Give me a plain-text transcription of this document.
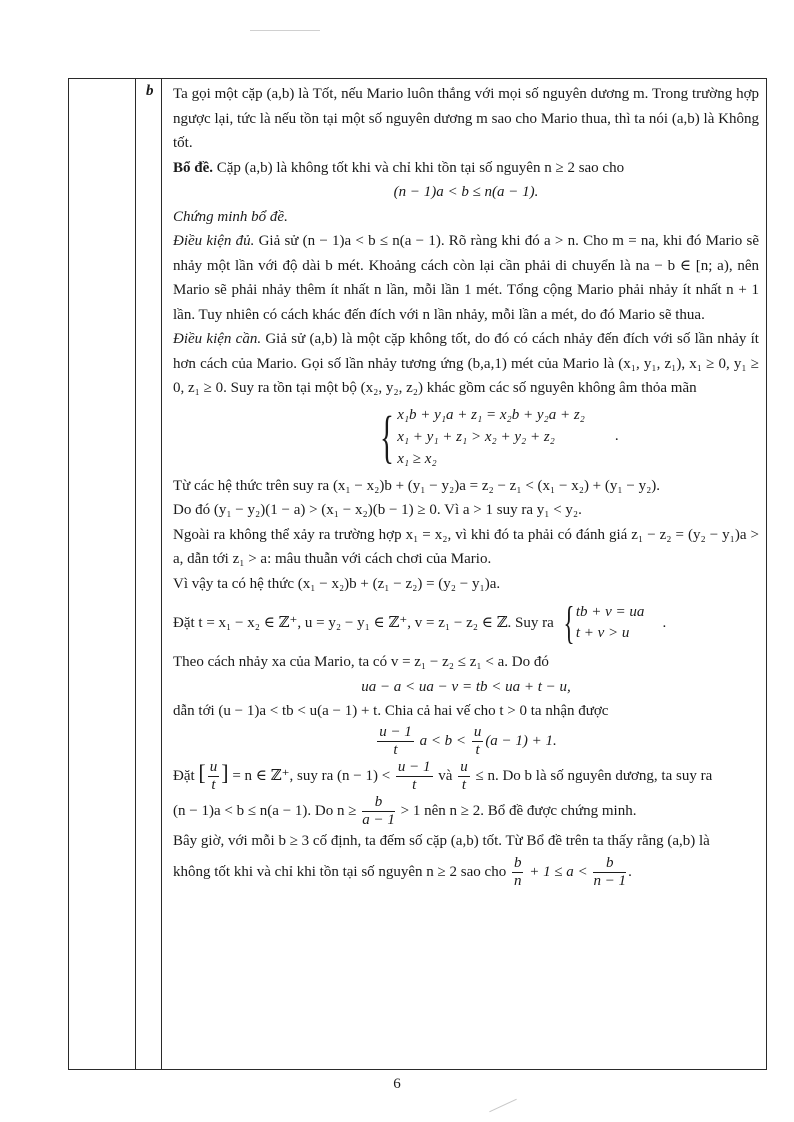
b Ta gọi một cặp (a,b) là Tốt, nếu Mario luôn thắng với mọi số nguyên dương m. Trong trường hợp ngược lại, tức là nếu tồn tại một số nguyên dương m sao cho Mario thua, thì ta nói (a,b) là Không tốt.

Bổ đề. Cặp (a,b) là không tốt khi và chỉ khi tồn tại số nguyên n ≥ 2 sao cho

(n − 1)a < b ≤ n(a − 1).

Chứng minh bổ đề.

Điều kiện đủ. Giả sử (n − 1)a < b ≤ n(a − 1). Rõ ràng khi đó a > n. Cho m = na, khi đó Mario sẽ nhảy một lần với độ dài b mét. Khoảng cách còn lại cần phải di chuyển là na − b ∈ [n; a), nên Mario sẽ phải nhảy thêm ít nhất n lần, mỗi lần 1 mét. Tổng cộng Mario phải nhảy ít nhất n + 1 lần. Tuy nhiên có cách khác đến đích với n lần nhảy, mỗi lần a mét, do đó Mario sẽ thua.

Điều kiện cần. Giả sử (a,b) là một cặp không tốt, do đó có cách nhảy đến đích với số lần nhảy ít hơn cách của Mario. Gọi số lần nhảy tương ứng (b,a,1) mét của Mario là (x₁, y₁, z₁), x₁ ≥ 0, y₁ ≥ 0, z₁ ≥ 0. Suy ra tồn tại một bộ (x₂, y₂, z₂) khác gồm các số nguyên không âm thỏa mãn

{ x₁b + y₁a + z₁ = x₂b + y₂a + z₂
x₁ + y₁ + z₁ > x₂ + y₂ + z₂
x₁ ≥ x₂
.

Từ các hệ thức trên suy ra (x₁ − x₂)b + (y₁ − y₂)a = z₂ − z₁ < (x₁ − x₂) + (y₁ − y₂).

Do đó (y₁ − y₂)(1 − a) > (x₁ − x₂)(b − 1) ≥ 0. Vì a > 1 suy ra y₁ < y₂.

Ngoài ra không thể xảy ra trường hợp x₁ = x₂, vì khi đó ta phải có đánh giá z₁ − z₂ = (y₂ − y₁)a > a, dẫn tới z₁ > a: mâu thuẫn với cách chơi của Mario.

Vì vậy ta có hệ thức (x₁ − x₂)b + (z₁ − z₂) = (y₂ − y₁)a.

Đặt t = x₁ − x₂ ∈ ℤ⁺, u = y₂ − y₁ ∈ ℤ⁺, v = z₁ − z₂ ∈ ℤ. Suy ra { tb + v = ua
t + v > u
.

Theo cách nhảy xa của Mario, ta có v = z₁ − z₂ ≤ z₁ < a. Do đó

ua − a < ua − v = tb < ua + t − u,

dẫn tới (u − 1)a < tb < u(a − 1) + t. Chia cả hai vế cho t > 0 ta nhận được

$\frac{u - 1}{t}$ $a < b < \frac{u}{t} (a - 1) + 1$.

Đặt [ $\frac{u}{t}$ ] = n ∈ ℤ⁺, suy ra $(n - 1) < \frac{u - 1}{t}$ và $\frac{u}{t} \le n$. Do b là số nguyên dương, ta suy ra

(n − 1)a < b ≤ n(a − 1). Do $n \ge \frac{b}{a - 1} > 1$ nên n ≥ 2. Bổ đề được chứng minh.

Bây giờ, với mỗi b ≥ 3 cố định, ta đếm số cặp (a,b) tốt. Từ Bổ đề trên ta thấy rằng (a,b) là

không tốt khi và chỉ khi tồn tại số nguyên n ≥ 2 sao cho $\frac{b}{n} + 1 \le a < \frac{b}{n - 1}$ .

6
